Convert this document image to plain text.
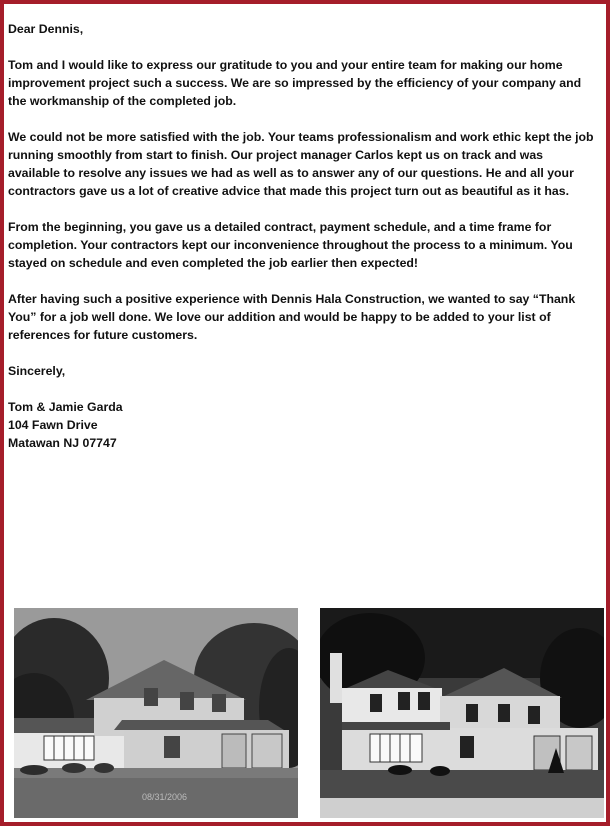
Dear Dennis,

Tom and I would like to express our gratitude to you and your entire team for making our home improvement project such a success. We are so impressed by the efficiency of your company and the workmanship of the completed job.

We could not be more satisfied with the job. Your teams professionalism and work ethic kept the job running smoothly from start to finish. Our project manager Carlos kept us on track and was available to resolve any issues we had as well as to answer any of our questions. He and all your contractors gave us a lot of creative advice that made this project turn out as beautiful as it has.

From the beginning, you gave us a detailed contract, payment schedule, and a time frame for completion. Your contractors kept our inconvenience throughout the process to a minimum. You stayed on schedule and even completed the job earlier then expected!

After having such a positive experience with Dennis Hala Construction, we wanted to say “Thank You” for a job well done. We love our addition and would be happy to be added to your list of references for future customers.

Sincerely,

Tom & Jamie Garda
104 Fawn Drive
Matawan NJ 07747
08/31/2006
